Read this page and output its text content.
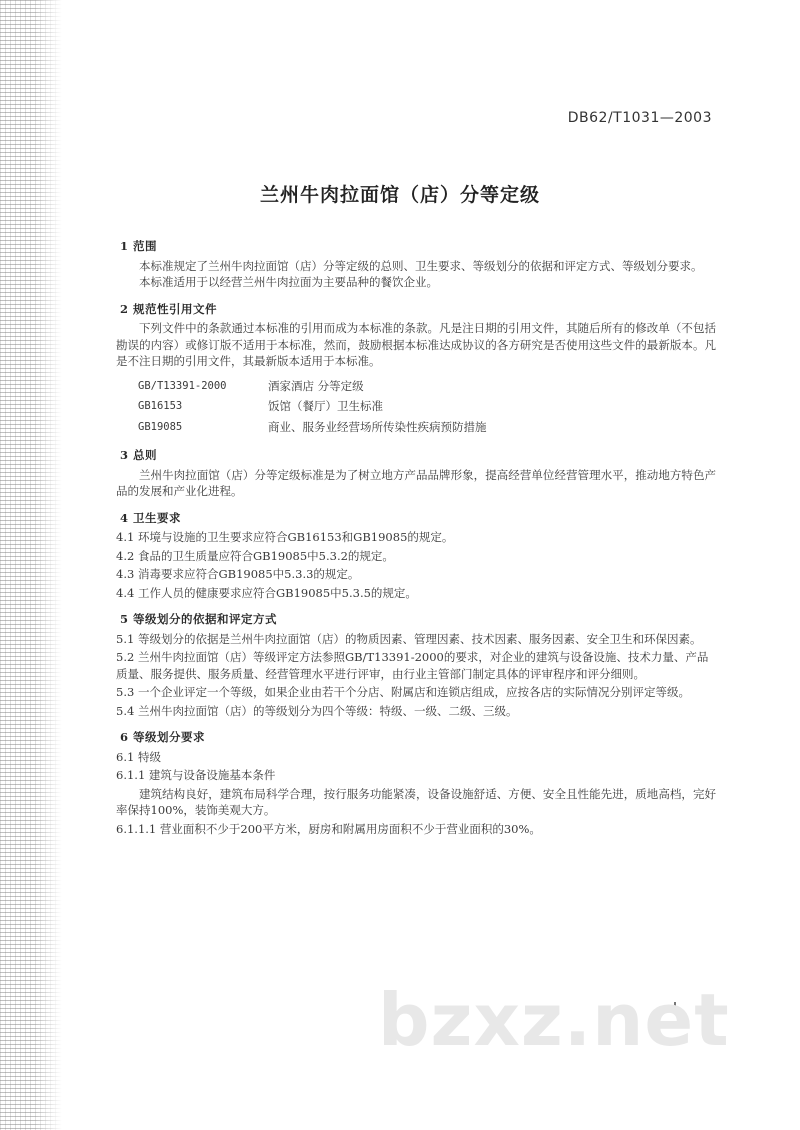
DB62/T1031—2003
兰州牛肉拉面馆（店）分等定级
1 范围

本标准规定了兰州牛肉拉面馆（店）分等定级的总则、卫生要求、等级划分的依据和评定方式、等级划分要求。

本标准适用于以经营兰州牛肉拉面为主要品种的餐饮企业。

2 规范性引用文件

下列文件中的条款通过本标准的引用而成为本标准的条款。凡是注日期的引用文件，其随后所有的修改单（不包括勘误的内容）或修订版不适用于本标准，然而，鼓励根据本标准达成协议的各方研究是否使用这些文件的最新版本。凡是不注日期的引用文件，其最新版本适用于本标准。

GB/T13391-2000	酒家酒店 分等定级
GB16153	饭馆（餐厅）卫生标准
GB19085	商业、服务业经营场所传染性疾病预防措施
3 总则

兰州牛肉拉面馆（店）分等定级标准是为了树立地方产品品牌形象，提高经营单位经营管理水平，推动地方特色产品的发展和产业化进程。

4 卫生要求
4.1 环境与设施的卫生要求应符合GB16153和GB19085的规定。
4.2 食品的卫生质量应符合GB19085中5.3.2的规定。
4.3 消毒要求应符合GB19085中5.3.3的规定。
4.4 工作人员的健康要求应符合GB19085中5.3.5的规定。
5 等级划分的依据和评定方式
5.1 等级划分的依据是兰州牛肉拉面馆（店）的物质因素、管理因素、技术因素、服务因素、安全卫生和环保因素。
5.2 兰州牛肉拉面馆（店）等级评定方法参照GB/T13391-2000的要求，对企业的建筑与设备设施、技术力量、产品质量、服务提供、服务质量、经营管理水平进行评审，由行业主管部门制定具体的评审程序和评分细则。
5.3 一个企业评定一个等级，如果企业由若干个分店、附属店和连锁店组成，应按各店的实际情况分别评定等级。
5.4 兰州牛肉拉面馆（店）的等级划分为四个等级：特级、一级、二级、三级。
6 等级划分要求
6.1 特级
6.1.1 建筑与设备设施基本条件

建筑结构良好，建筑布局科学合理，按行服务功能紧凑，设备设施舒适、方便、安全且性能先进，质地高档，完好率保持100%，装饰美观大方。

6.1.1.1 营业面积不少于200平方米，厨房和附属用房面积不少于营业面积的30%。
bzxz.net
